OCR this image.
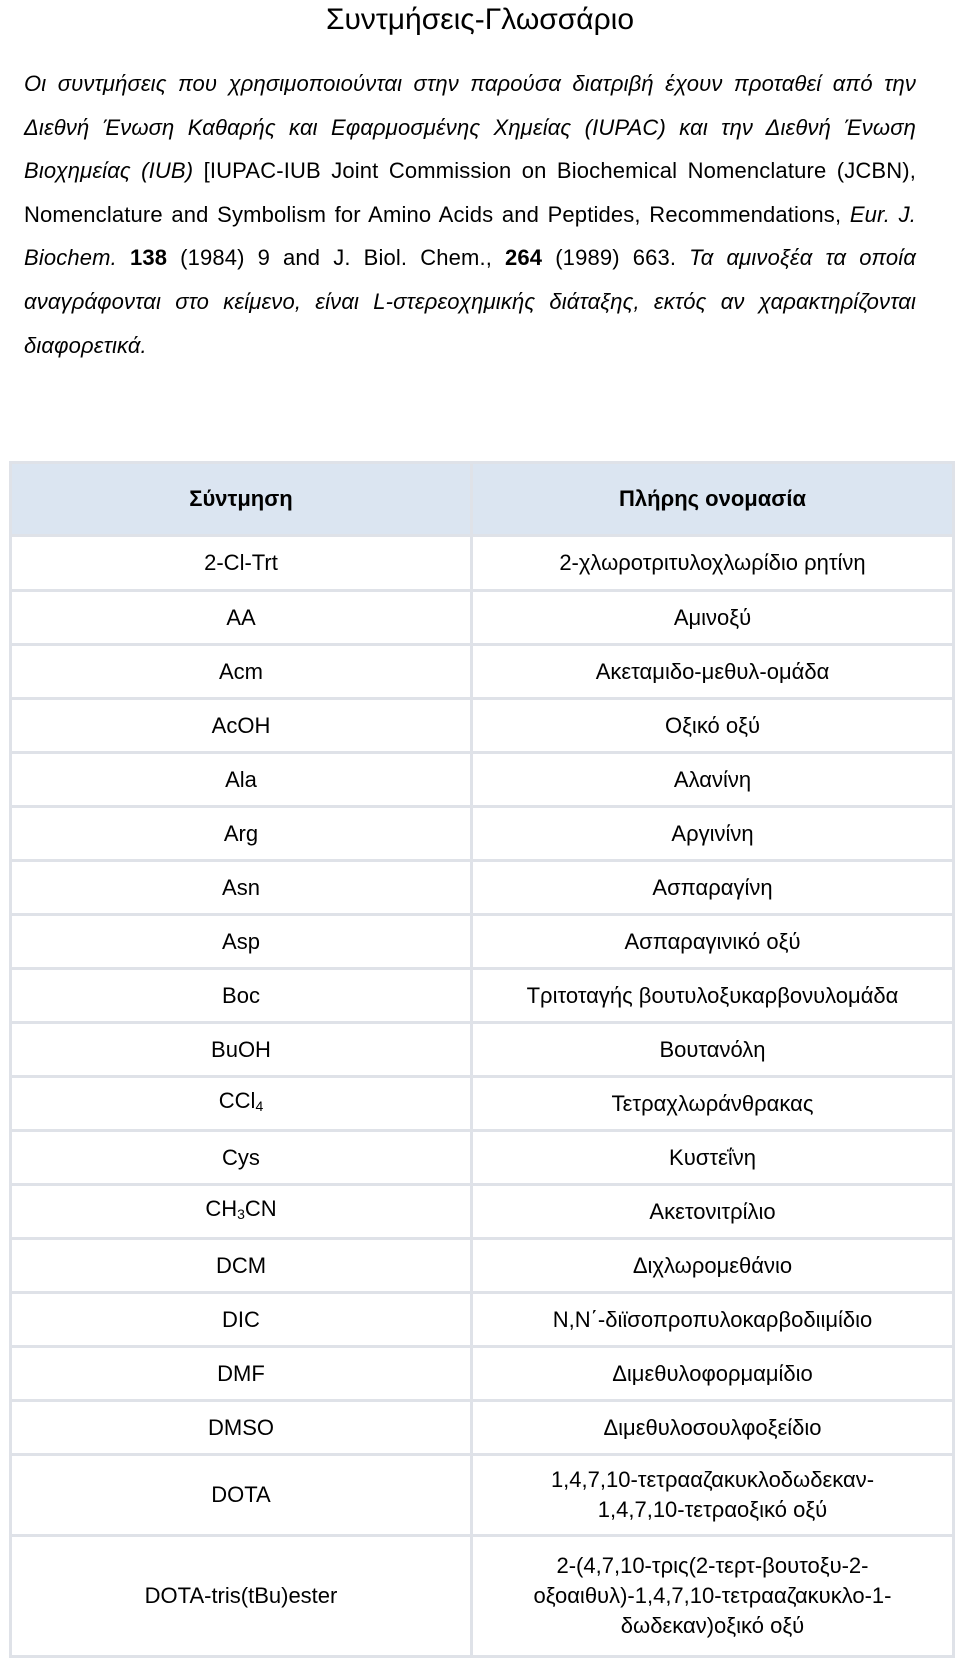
Συντμήσεις-Γλωσσάριο
Οι συντμήσεις που χρησιμοποιούνται στην παρούσα διατριβή έχουν προταθεί από την Διεθνή Ένωση Καθαρής και Εφαρμοσμένης Χημείας (IUPAC) και την Διεθνή Ένωση Βιοχημείας (IUB) [IUPAC-IUB Joint Commission on Biochemical Nomenclature (JCBN), Nomenclature and Symbolism for Amino Acids and Peptides, Recommendations, Eur. J. Biochem. 138 (1984) 9 and J. Biol. Chem., 264 (1989) 663. Τα αμινοξέα τα οποία αναγράφονται στο κείμενο, είναι L-στερεοχημικής διάταξης, εκτός αν χαρακτηρίζονται διαφορετικά.
Σύντμηση	Πλήρης ονομασία
2-Cl-Trt	2-χλωροτριτυλοχλωρίδιο ρητίνη
AA	Αμινοξύ
Acm	Ακεταμιδο-μεθυλ-ομάδα
AcOH	Οξικό οξύ
Ala	Αλανίνη
Arg	Αργινίνη
Asn	Ασπαραγίνη
Asp	Ασπαραγινικό οξύ
Boc	Τριτοταγής βουτυλοξυκαρβονυλομάδα
BuOH	Βουτανόλη
CCl$_4$	Τετραχλωράνθρακας
Cys	Κυστεΐνη
$CH_3CN$	Ακετονιτρίλιο
DCM	Διχλωρομεθάνιο
DIC	N,N΄-διϊσοπροπυλοκαρβοδιιμίδιο
DMF	Διμεθυλοφορμαμίδιο
DMSO	Διμεθυλοσουλφοξείδιο
DOTA	1,4,7,10-τετρααζακυκλοδωδεκαν-
1,4,7,10-τετραοξικό οξύ
DOTA-tris(tBu)ester	2-(4,7,10-τρις(2-τερτ-βουτοξυ-2-
οξοαιθυλ)-1,4,7,10-τετρααζακυκλο-1-
δωδεκαν)οξικό οξύ
